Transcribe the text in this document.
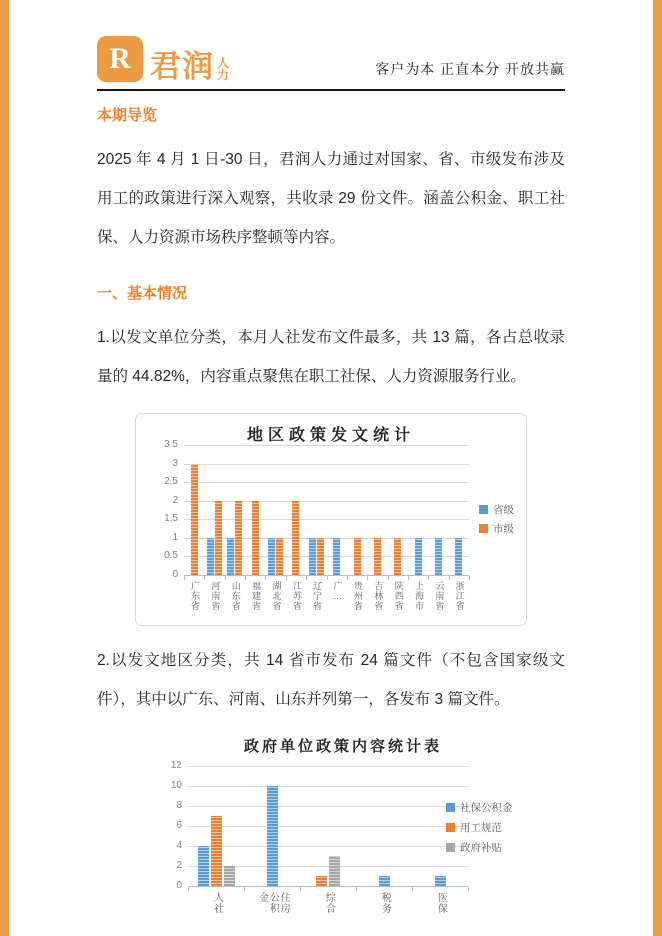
R 君润 人
力	客户为本 正直本分 开放共赢
本期导览

2025 年 4 月 1 日-30 日，君润人力通过对国家、省、市级发布涉及用工的政策进行深入观察，共收录 29 份文件。涵盖公积金、职工社保、人力资源市场秩序整顿等内容。

一、基本情况

1.以发文单位分类，本月人社发布文件最多，共 13 篇，各占总收录量的 44.82%，内容重点聚焦在职工社保、人力资源服务行业。

地区政策发文统计
0
0.5
1
1.5
2
2.5
3
3.5
广东省 河南省 山东省 福建省 湖北省 江苏省 辽宁省 广… 贵州省 吉林省 陕西省 上海市 云南省 浙江省
省级
市级

2.以发文地区分类，共 14 省市发布 24 篇文件（不包含国家级文件），其中以广东、河南、山东并列第一，各发布 3 篇文件。

政府单位政策内容统计表
0
2
4
6
8
10
12
人社	住房公积金	综合	税务	医保
社保公积金
用工规范
政府补贴
